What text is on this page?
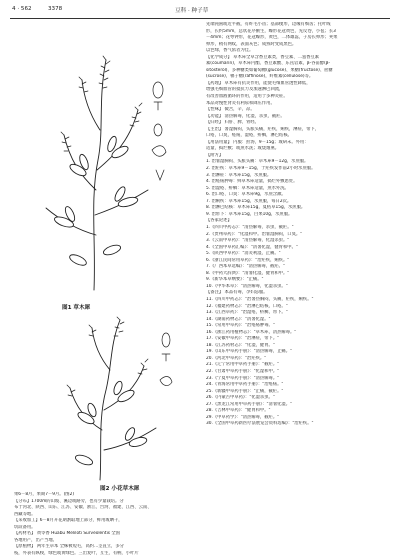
4 · 562	3378	豆科 · 种子草
图1 草木犀
图2 小花草木犀

果6－8月，果期7－9月。(图2)

【分布】1700m的山坡、溪边或路旁，也有少量栽培。分

布于河北、陕西、山东、江苏、安徽、浙江、台湾、福建、江西、云南、

西藏等地。

【采收加工】6－8月开花期割取地上部分，鲜用或晒干，

切段备用。

【药材名】 黄零香 Huabu Meliloti Surveolentis 全国

各地用产，出产当地。

【原植物】 两年生草本 全株被短毛，高约...茎直立，多分

枝，外表有纵棱，绿色或黄绿色。三出复叶，互生，有柄，小叶片

先端钝圆或近平截，有纤毛小齿；基部楔形，边缘有细齿；托叶线

形，长约5mm，总状花序腋生，蝶形花冠黄色，先反卷，小苞；长3

－4mm；花萼钟形，花冠蝶形，黄色，二体雄蕊，子房长卵形；荚果

卵形，稍有网纹，表面灰色；成熟时变成黑色。

以色绿，香气浓者为佳。

【化学成分】 草木犀全草含香豆素类，香豆素、二氢香豆素

素(coumarin)，草木犀内酯、香豆素酸、东莨菪素，β-谷甾醇(β-

sitosterol)、多种糖类如葡萄糖(glucose)、果糖(fructose)、蔗糖

(sucrose)，棉子糖(raffinose)，纤维素(cellulose)等。

【药理】 草木犀有抗炎作用，能使毛细血管透性降低，

增强毛细血管的抵抗力及加速淋巴回流，

有改善血液循环的作用，适用于多种炎症。

本品对慢性肾炎有利尿和降压作用。

【性味】 微苦，辛，凉。

【功能】 清热解毒，化湿，杀虫，截疟。

【归经】 归肝、脾、胃经。

【主治】 暑湿胸闷，头胀头痛，疟疾，痢疾，淋症，带下，

口疮，口臭，疮疡，湿疮，疥癣，淋巴结核。

【用法用量】 内服：煎汤，9－15g；或研末。外用：

适量，捣烂敷；或煎水洗；或烧烟熏。

【附方】

1. 治暑湿胸闷、头胀头痛：草木犀9－12g，水煎服。

2. 治疟疾：草木犀9－15g，于疟疾发作前2小时水煎服。

3. 治淋症：草木犀15g，水煎服。

4. 治疮疡肿毒：鲜草木犀适量，捣烂外敷患处。

5. 治湿疮、疥癣：草木犀适量，煎水外洗。

6. 治口疮、口臭：草木犀9g，水煎含漱。

7. 治痢疾：草木犀15g，水煎服，每日2次。

8. 治淋巴结核：草木犀15g，夏枯草15g，水煎服。

9. 治带下：草木犀15g，白果10g，水煎服。

【各家论述】

1.《四川中药志》："清热解毒，杀虫，截疟。"

2.《贵州草药》："化湿和中。治暑湿胸闷，口臭。"

3.《云南中草药》："清热解毒，化湿杀虫。"

4.《全国中草药汇编》："清暑化湿，健胃和中。"

5.《陕西中草药》："消炎利湿，止痛。"

6.《浙江民间常用草药》："治疟疾，痢疾。"

7.《广西本草选编》："清热解毒，截疟。"

8.《中药大辞典》："清暑化湿，健胃和中。"

9.《新华本草纲要》："止痛。"

10.《中华本草》："清热解毒，化湿杀虫。"

【备注】 本品有毒，孕妇忌服。

11.《四川中药志》："治暑热胸闷，头痛，疟疾，痢疾。"

12.《福建药物志》："治淋巴结核，口疮。"

13.《江西草药》："治湿疮，疥癣，带下。"

14.《湖南药物志》："清暑化湿。"

15.《常用中草药》："治疮疡肿毒。"

16.《浙江药用植物志》："草木犀，清热解毒。"

17.《安徽中草药》："治淋症，带下。"

18.《江苏药材志》："化湿，健胃。"

19.《山东中草药手册》："清热解毒，止痛。"

20.《河北中草药》："治疟疾。"

21.《辽宁常用中草药手册》："截疟。"

22.《甘肃中草药手册》："化湿和中。"

23.《宁夏中草药手册》："清热解毒。"

24.《青海常用中草药手册》："治疮疡。"

25.《新疆中草药手册》："止痛，截疟。"

26.《内蒙古中草药》："化湿杀虫。"

27.《黑龙江常用中草药手册》："清暑化湿。"

28.《吉林中草药》："健胃和中。"

29.《中草药学》："清热解毒，截疟。"

30.《全国中草药新医疗法展览会资料选编》："治疟疾。"
